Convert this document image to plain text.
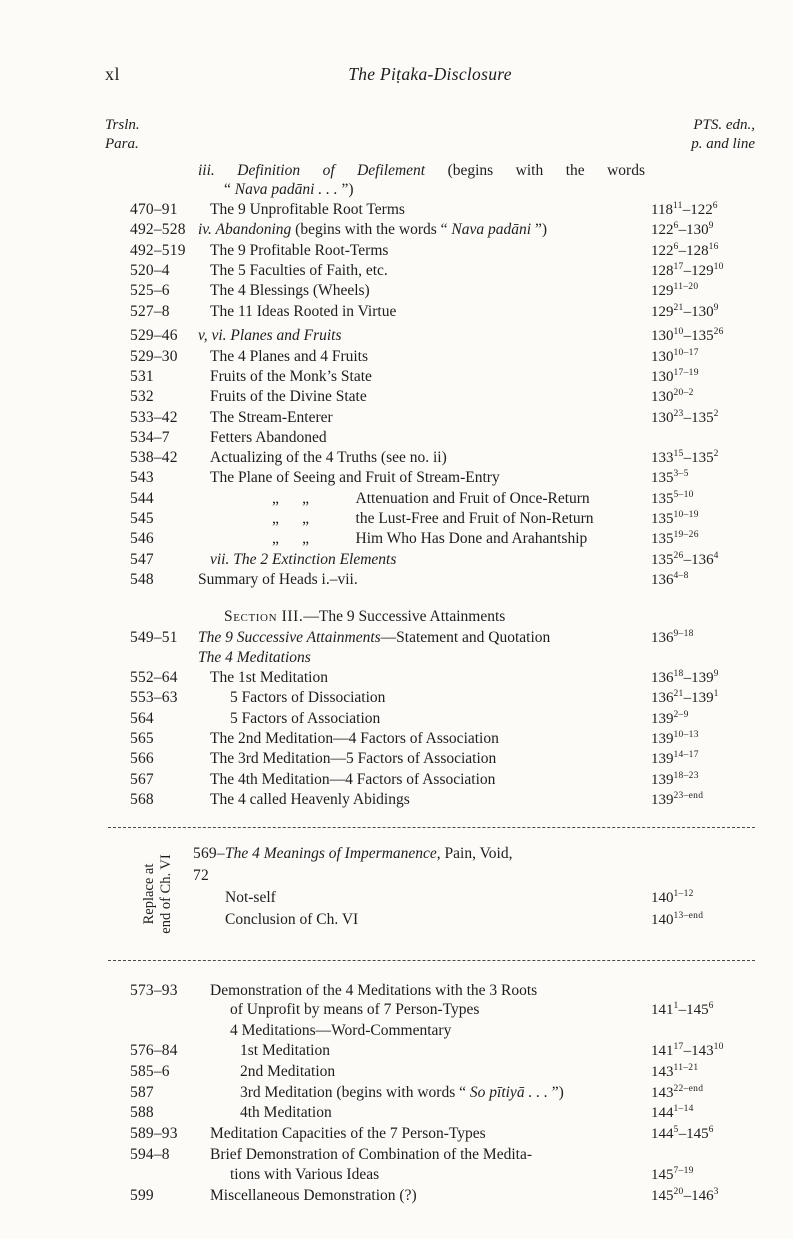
xl	The Piṭaka-Disclosure
Trsln.
Para.
PTS. edn.,
p. and line
iii. Definition of Defilement (begins with the words
“ Nava padāni . . . ”)
470–91	The 9 Unprofitable Root Terms	$118^{11}-122^6$
492–528 iv. Abandoning (begins with the words “ Nava padāni ”)	$122^6-130^9$
492–519	The 9 Profitable Root-Terms	$122^6-128^{16}$
520–4	The 5 Faculties of Faith, etc.	$128^{17}-129^{10}$
525–6	The 4 Blessings (Wheels)	129$^{11-20}$
527–8	The 11 Ideas Rooted in Virtue	$129^{21}-130^9$
529–46	v, vi. Planes and Fruits	$130^{10}-135^{26}$
529–30	The 4 Planes and 4 Fruits	130$^{10-17}$
531	Fruits of the Monk’s State	130$^{17-19}$
532	Fruits of the Divine State	130$^{20-2}$
533–42	The Stream-Enterer	$130^{23}-135^2$
534–7	Fetters Abandoned
538–42	Actualizing of the 4 Truths (see no. ii)	$133^{15}-135^2$
543	The Plane of Seeing and Fruit of Stream-Entry	135$^{3-5}$
544	„   „   Attenuation and Fruit of Once-Return	135$^{5-10}$
545	„   „   the Lust-Free and Fruit of Non-Return	135$^{10-19}$
546	„   „   Him Who Has Done and Arahantship	135$^{19-26}$
547	vii. The 2 Extinction Elements	$135^{26}-136^4$
548	Summary of Heads i.–vii.	136$^{4-8}$
Section III.—The 9 Successive Attainments
549–51	The 9 Successive Attainments—Statement and Quotation	136$^{9-18}$
The 4 Meditations
552–64	The 1st Meditation	$136^{18}-139^9$
553–63	5 Factors of Dissociation	$136^{21}-139^1$
564	5 Factors of Association	139$^{2-9}$
565	The 2nd Meditation—4 Factors of Association	139$^{10-13}$
566	The 3rd Meditation—5 Factors of Association	139$^{14-17}$
567	The 4th Meditation—4 Factors of Association	139$^{18-23}$
568	The 4 called Heavenly Abidings	$139^{23-end}$
Replace at end of Ch. VI
569–72
The 4 Meanings of Impermanence, Pain, Void,
Not-self	140$^{1-12}$
Conclusion of Ch. VI	$140^{13-end}$
573–93	Demonstration of the 4 Meditations with the 3 Roots
of Unprofit by means of 7 Person-Types	$141^1-145^6$
4 Meditations—Word-Commentary
576–84	1st Meditation	$141^{17}-143^{10}$
585–6	2nd Meditation	143$^{11-21}$
587	3rd Meditation (begins with words “ So pītiyā . . . ”)	$143^{22-end}$
588	4th Meditation	144$^{1-14}$
589–93	Meditation Capacities of the 7 Person-Types	$144^5-145^6$
594–8	Brief Demonstration of Combination of the Medita-
tions with Various Ideas	145$^{7-19}$
599	Miscellaneous Demonstration (?)	$145^{20}-146^3$
